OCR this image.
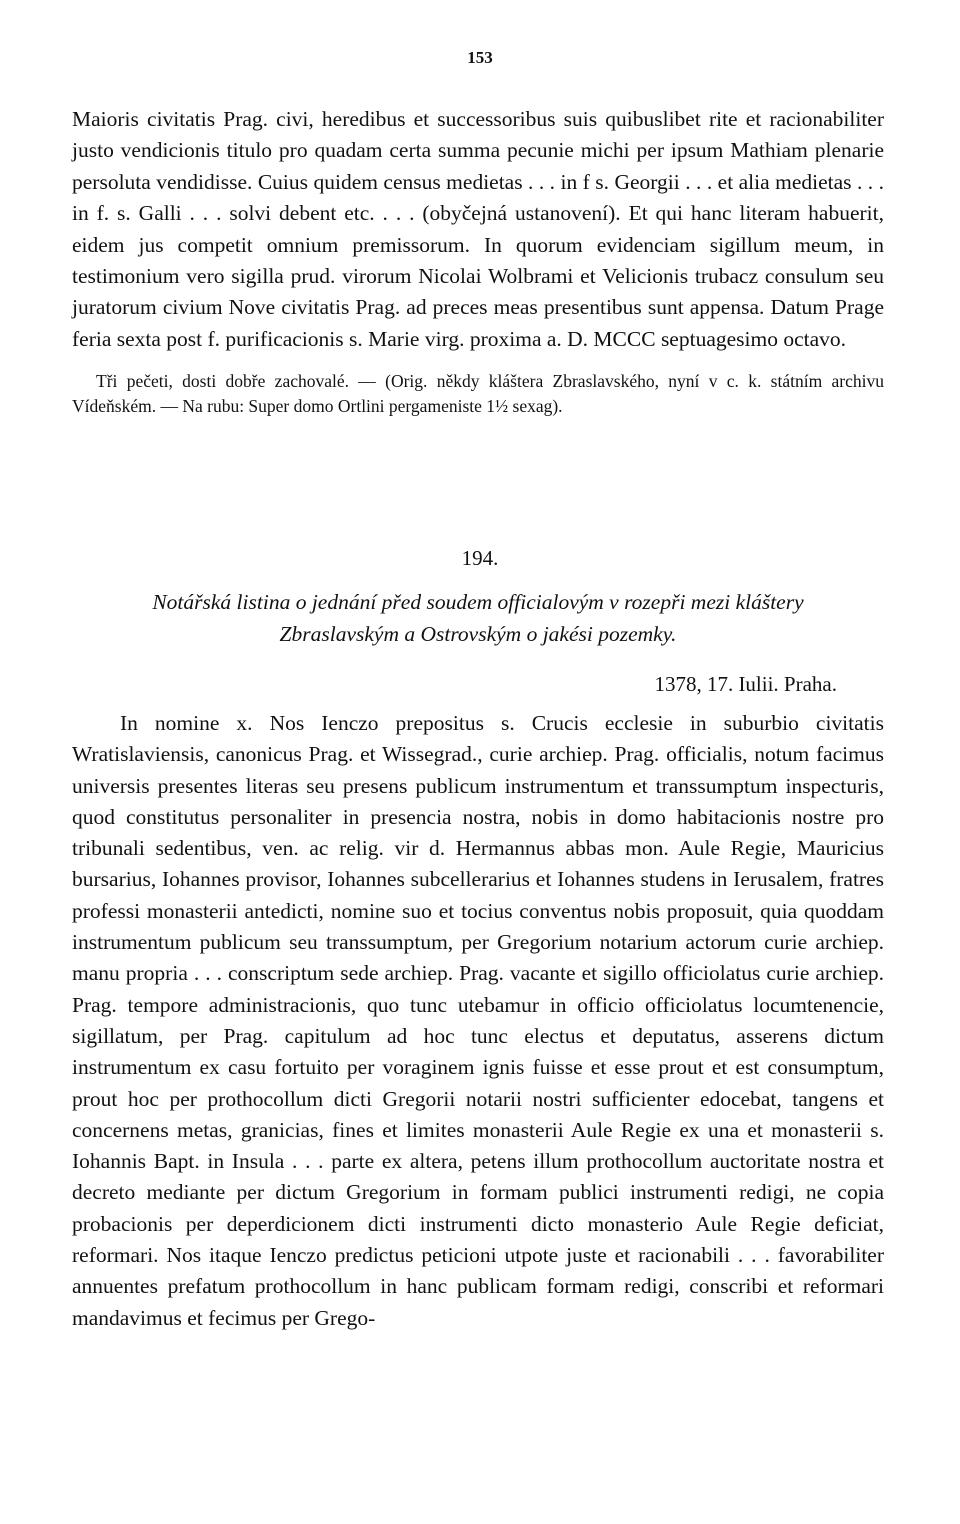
153

Maioris civitatis Prag. civi, heredibus et successoribus suis quibuslibet rite et racionabiliter justo vendicionis titulo pro quadam certa summa pecunie michi per ipsum Mathiam plenarie persoluta vendidisse. Cuius quidem census medietas . . . in f s. Georgii . . . et alia medietas . . . in f. s. Galli . . . solvi debent etc. . . . (obyčejná ustanovení). Et qui hanc literam habuerit, eidem jus competit omnium premissorum. In quorum evidenciam sigillum meum, in testimonium vero sigilla prud. virorum Nicolai Wolbrami et Velicionis trubacz consulum seu juratorum civium Nove civitatis Prag. ad preces meas presentibus sunt appensa. Datum Prage feria sexta post f. purificacionis s. Marie virg. proxima a. D. MCCC septuagesimo octavo.

Tři pečeti, dosti dobře zachovalé. — (Orig. někdy kláštera Zbraslavského, nyní v c. k. státním archivu Vídeňském. — Na rubu: Super domo Ortlini pergameniste 1½ sexag).

194.
Notářská listina o jednání před soudem officialovým v rozepři mezi kláštery
Zbraslavským a Ostrovským o jakési pozemky.
1378, 17. Iulii. Praha.

In nomine x. Nos Ienczo prepositus s. Crucis ecclesie in suburbio civitatis Wratislaviensis, canonicus Prag. et Wissegrad., curie archiep. Prag. officialis, notum facimus universis presentes literas seu presens publicum instrumentum et transsumptum inspecturis, quod constitutus personaliter in presencia nostra, nobis in domo habitacionis nostre pro tribunali sedentibus, ven. ac relig. vir d. Hermannus abbas mon. Aule Regie, Mauricius bursarius, Iohannes provisor, Iohannes subcellerarius et Iohannes studens in Ierusalem, fratres professi monasterii antedicti, nomine suo et tocius conventus nobis proposuit, quia quoddam instrumentum publicum seu transsumptum, per Gregorium notarium actorum curie archiep. manu propria . . . conscriptum sede archiep. Prag. vacante et sigillo officiolatus curie archiep. Prag. tempore administracionis, quo tunc utebamur in officio officiolatus locumtenencie, sigillatum, per Prag. capitulum ad hoc tunc electus et deputatus, asserens dictum instrumentum ex casu fortuito per voraginem ignis fuisse et esse prout et est consumptum, prout hoc per prothocollum dicti Gregorii notarii nostri sufficienter edocebat, tangens et concernens metas, granicias, fines et limites monasterii Aule Regie ex una et monasterii s. Iohannis Bapt. in Insula . . . parte ex altera, petens illum prothocollum auctoritate nostra et decreto mediante per dictum Gregorium in formam publici instrumenti redigi, ne copia probacionis per deperdicionem dicti instrumenti dicto monasterio Aule Regie deficiat, reformari. Nos itaque Ienczo predictus peticioni utpote juste et racionabili . . . favorabiliter annuentes prefatum prothocollum in hanc publicam formam redigi, conscribi et reformari mandavimus et fecimus per Grego-
